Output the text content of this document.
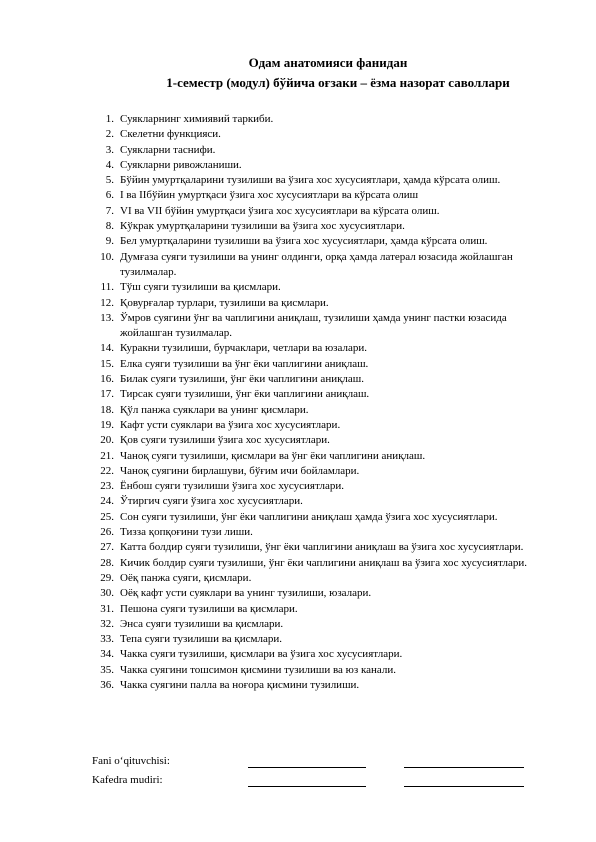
Одам анатомияси фанидан
1-семестр (модул) бўйича оғзаки – ёзма назорат саволлари
1. Суякларнинг химиявий таркиби.
2. Скелетни функцияси.
3. Суякларни таснифи.
4. Суякларни ривожланиши.
5. Бўйин умуртқаларини тузилиши ва ўзига хос хусусиятлари, ҳамда кўрсата олиш.
6. I ва IIбўйин умуртқаси ўзига хос хусусиятлари ва кўрсата олиш
7. VI ва VII бўйин умуртқаси ўзига хос хусусиятлари ва кўрсата олиш.
8. Кўкрак умуртқаларини тузилиши ва ўзига хос хусусиятлари.
9. Бел умуртқаларини тузилиши ва ўзига хос хусусиятлари, ҳамда кўрсата олиш.
10. Думғаза суяги тузилиши ва унинг олдинги, орқа ҳамда латерал юзасида жойлашган тузилмалар.
11. Тўш суяги тузилиши ва қисмлари.
12. Қовурғалар турлари, тузилиши ва қисмлари.
13. Ўмров суягини ўнг ва чаплигини аниқлаш, тузилиши ҳамда унинг пастки юзасида жойлашган тузилмалар.
14. Куракни тузилиши, бурчаклари, четлари ва юзалари.
15. Елка суяги тузилиши ва ўнг ёки чаплигини аниқлаш.
16. Билак суяги тузилиши, ўнг ёки чаплигини аниқлаш.
17. Тирсак суяги тузилиши, ўнг ёки чаплигини аниқлаш.
18. Қўл панжа суяклари ва унинг қисмлари.
19. Кафт усти суяклари ва ўзига хос хусусиятлари.
20. Қов суяги тузилиши ўзига хос хусусиятлари.
21. Чаноқ суяги тузилиши, қисмлари ва ўнг ёки чаплигини аниқлаш.
22. Чаноқ суягини бирлашуви, бўғим ичи бойламлари.
23. Ёнбош суяги тузилиши ўзига хос хусусиятлари.
24. Ўтиргич суяги ўзига хос хусусиятлари.
25. Сон суяги тузилиши, ўнг ёки чаплигини аниқлаш ҳамда ўзига хос хусусиятлари.
26. Тизза қопқоғини тузи лиши.
27. Катта болдир суяги тузилиши, ўнг ёки чаплигини аниқлаш ва ўзига хос хусусиятлари.
28. Кичик болдир суяги тузилиши, ўнг ёки чаплигини аниқлаш ва ўзига хос хусусиятлари.
29. Оёқ панжа суяги, қисмлари.
30. Оёқ кафт усти суяклари ва унинг тузилиши, юзалари.
31. Пешона суяги тузилиши ва қисмлари.
32. Энса суяги тузилиши ва қисмлари.
33. Тепа суяги тузилиши ва қисмлари.
34. Чакка суяги тузилиши, қисмлари ва ўзига хос хусусиятлари.
35. Чакка суягини тошсимон қисмини тузилиши ва юз канали.
36. Чакка суягини палла ва ноғора қисмини тузилиши.
Fani oʻqituvchisi:
Kafedra mudiri:
